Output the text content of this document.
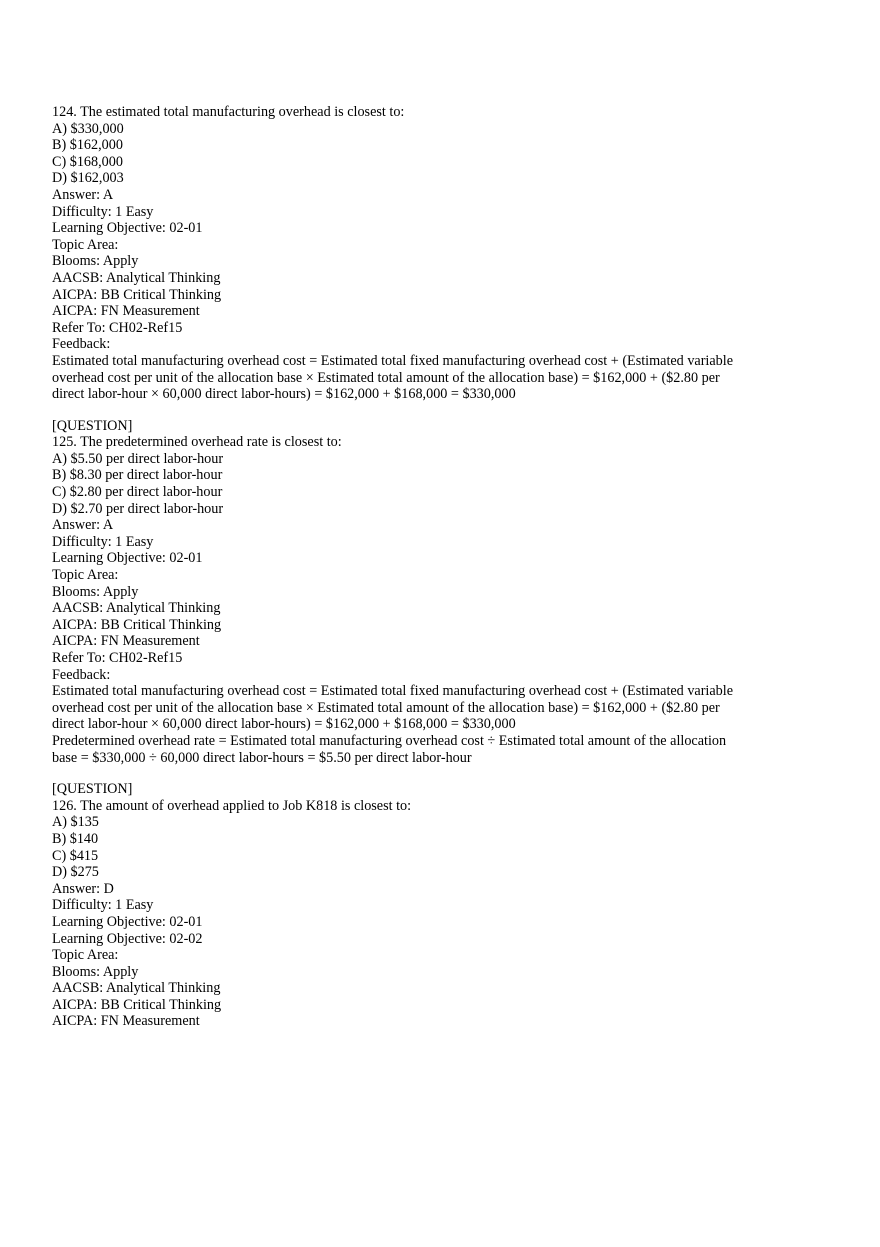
124. The estimated total manufacturing overhead is closest to:
A) $330,000
B) $162,000
C) $168,000
D) $162,003
Answer: A
Difficulty: 1 Easy
Learning Objective: 02-01
Topic Area:
Blooms: Apply
AACSB: Analytical Thinking
AICPA: BB Critical Thinking
AICPA: FN Measurement
Refer To: CH02-Ref15
Feedback:
Estimated total manufacturing overhead cost = Estimated total fixed manufacturing overhead cost + (Estimated variable
overhead cost per unit of the allocation base × Estimated total amount of the allocation base) = $162,000 + ($2.80 per
direct labor-hour × 60,000 direct labor-hours) = $162,000 + $168,000 = $330,000
[QUESTION]
125. The predetermined overhead rate is closest to:
A) $5.50 per direct labor-hour
B) $8.30 per direct labor-hour
C) $2.80 per direct labor-hour
D) $2.70 per direct labor-hour
Answer: A
Difficulty: 1 Easy
Learning Objective: 02-01
Topic Area:
Blooms: Apply
AACSB: Analytical Thinking
AICPA: BB Critical Thinking
AICPA: FN Measurement
Refer To: CH02-Ref15
Feedback:
Estimated total manufacturing overhead cost = Estimated total fixed manufacturing overhead cost + (Estimated variable
overhead cost per unit of the allocation base × Estimated total amount of the allocation base) = $162,000 + ($2.80 per
direct labor-hour × 60,000 direct labor-hours) = $162,000 + $168,000 = $330,000
Predetermined overhead rate = Estimated total manufacturing overhead cost ÷ Estimated total amount of the allocation
base = $330,000 ÷ 60,000 direct labor-hours = $5.50 per direct labor-hour
[QUESTION]
126. The amount of overhead applied to Job K818 is closest to:
A) $135
B) $140
C) $415
D) $275
Answer: D
Difficulty: 1 Easy
Learning Objective: 02-01
Learning Objective: 02-02
Topic Area:
Blooms: Apply
AACSB: Analytical Thinking
AICPA: BB Critical Thinking
AICPA: FN Measurement
